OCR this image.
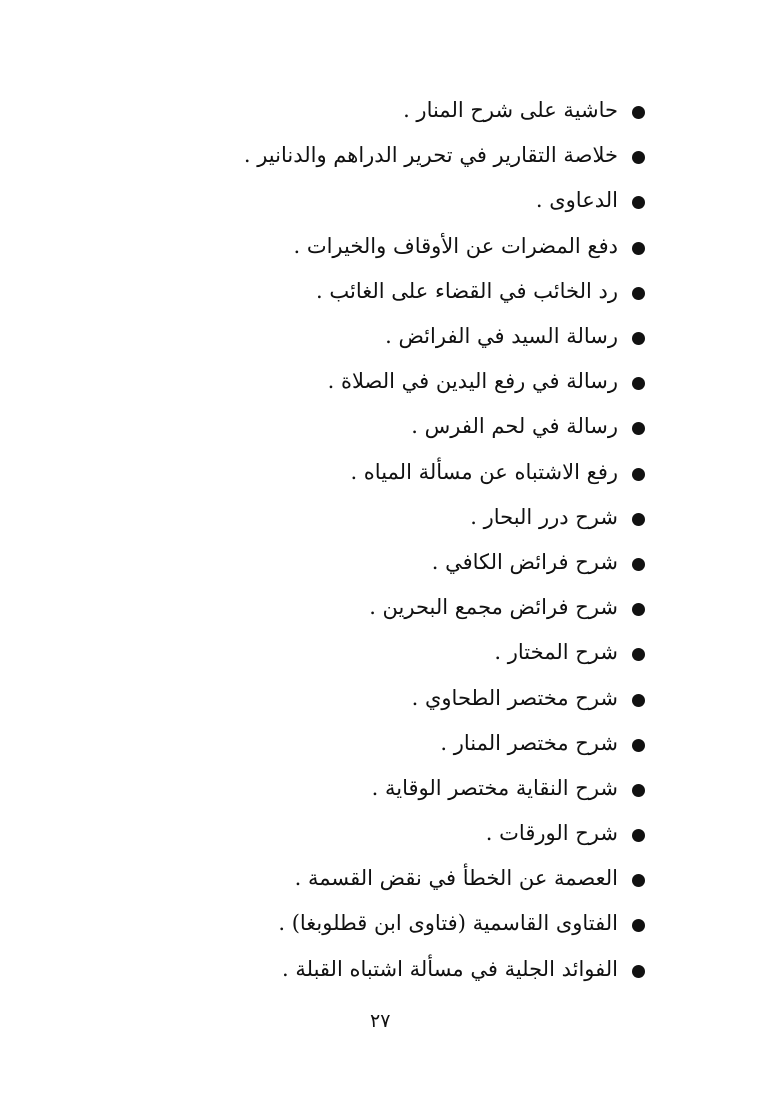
حاشية على شرح المنار .
خلاصة التقارير في تحرير الدراهم والدنانير .
الدعاوى .
دفع المضرات عن الأوقاف والخيرات .
رد الخائب في القضاء على الغائب .
رسالة السيد في الفرائض .
رسالة في رفع اليدين في الصلاة .
رسالة في لحم الفرس .
رفع الاشتباه عن مسألة المياه .
شرح درر البحار .
شرح فرائض الكافي .
شرح فرائض مجمع البحرين .
شرح المختار .
شرح مختصر الطحاوي .
شرح مختصر المنار .
شرح النقاية مختصر الوقاية .
شرح الورقات .
العصمة عن الخطأ في نقض القسمة .
الفتاوى القاسمية (فتاوى ابن قطلوبغا) .
الفوائد الجلية في مسألة اشتباه القبلة .
٢٧
